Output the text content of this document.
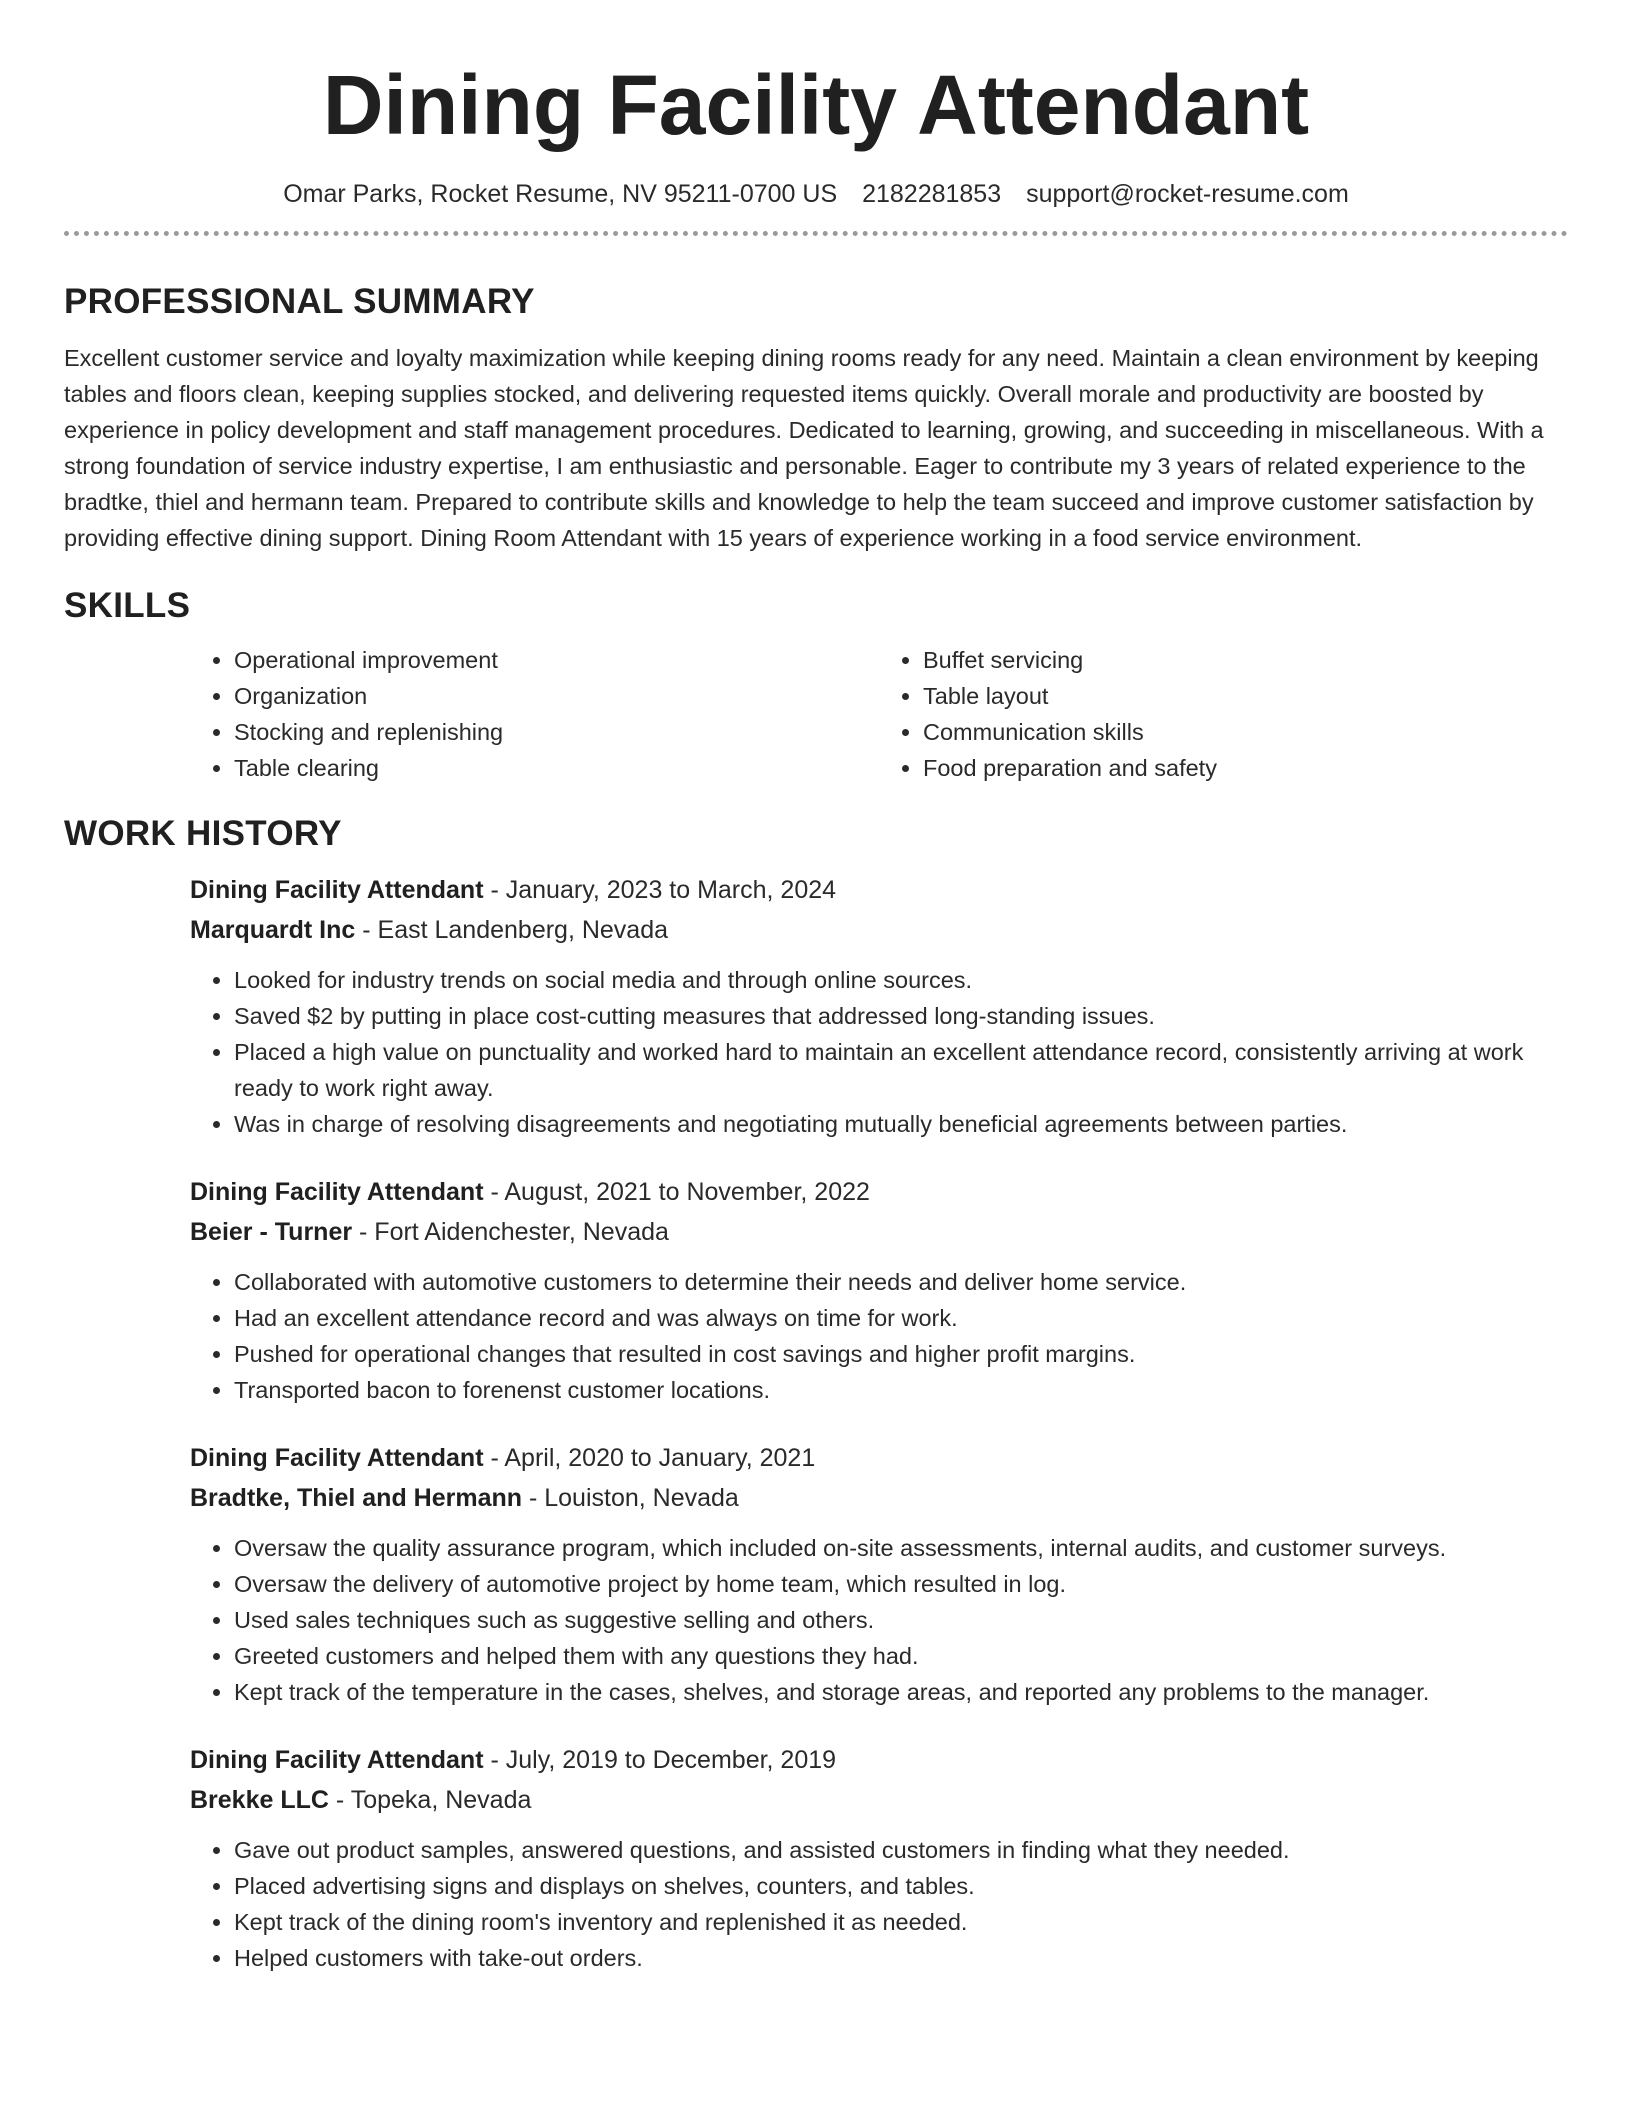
Dining Facility Attendant
Omar Parks, Rocket Resume, NV 95211-0700 US 2182281853 support@rocket-resume.com
PROFESSIONAL SUMMARY

Excellent customer service and loyalty maximization while keeping dining rooms ready for any need. Maintain a clean environment by keeping tables and floors clean, keeping supplies stocked, and delivering requested items quickly. Overall morale and productivity are boosted by experience in policy development and staff management procedures. Dedicated to learning, growing, and succeeding in miscellaneous. With a strong foundation of service industry expertise, I am enthusiastic and personable. Eager to contribute my 3 years of related experience to the bradtke, thiel and hermann team. Prepared to contribute skills and knowledge to help the team succeed and improve customer satisfaction by providing effective dining support. Dining Room Attendant with 15 years of experience working in a food service environment.

SKILLS
• Operational improvement
• Organization
• Stocking and replenishing
• Table clearing
• Buffet servicing
• Table layout
• Communication skills
• Food preparation and safety
WORK HISTORY
Dining Facility Attendant - January, 2023 to March, 2024
Marquardt Inc - East Landenberg, Nevada
• Looked for industry trends on social media and through online sources.
• Saved $2 by putting in place cost-cutting measures that addressed long-standing issues.
• Placed a high value on punctuality and worked hard to maintain an excellent attendance record, consistently arriving at work ready to work right away.
• Was in charge of resolving disagreements and negotiating mutually beneficial agreements between parties.
Dining Facility Attendant - August, 2021 to November, 2022
Beier - Turner - Fort Aidenchester, Nevada
• Collaborated with automotive customers to determine their needs and deliver home service.
• Had an excellent attendance record and was always on time for work.
• Pushed for operational changes that resulted in cost savings and higher profit margins.
• Transported bacon to forenenst customer locations.
Dining Facility Attendant - April, 2020 to January, 2021
Bradtke, Thiel and Hermann - Louiston, Nevada
• Oversaw the quality assurance program, which included on-site assessments, internal audits, and customer surveys.
• Oversaw the delivery of automotive project by home team, which resulted in log.
• Used sales techniques such as suggestive selling and others.
• Greeted customers and helped them with any questions they had.
• Kept track of the temperature in the cases, shelves, and storage areas, and reported any problems to the manager.
Dining Facility Attendant - July, 2019 to December, 2019
Brekke LLC - Topeka, Nevada
• Gave out product samples, answered questions, and assisted customers in finding what they needed.
• Placed advertising signs and displays on shelves, counters, and tables.
• Kept track of the dining room's inventory and replenished it as needed.
• Helped customers with take-out orders.
